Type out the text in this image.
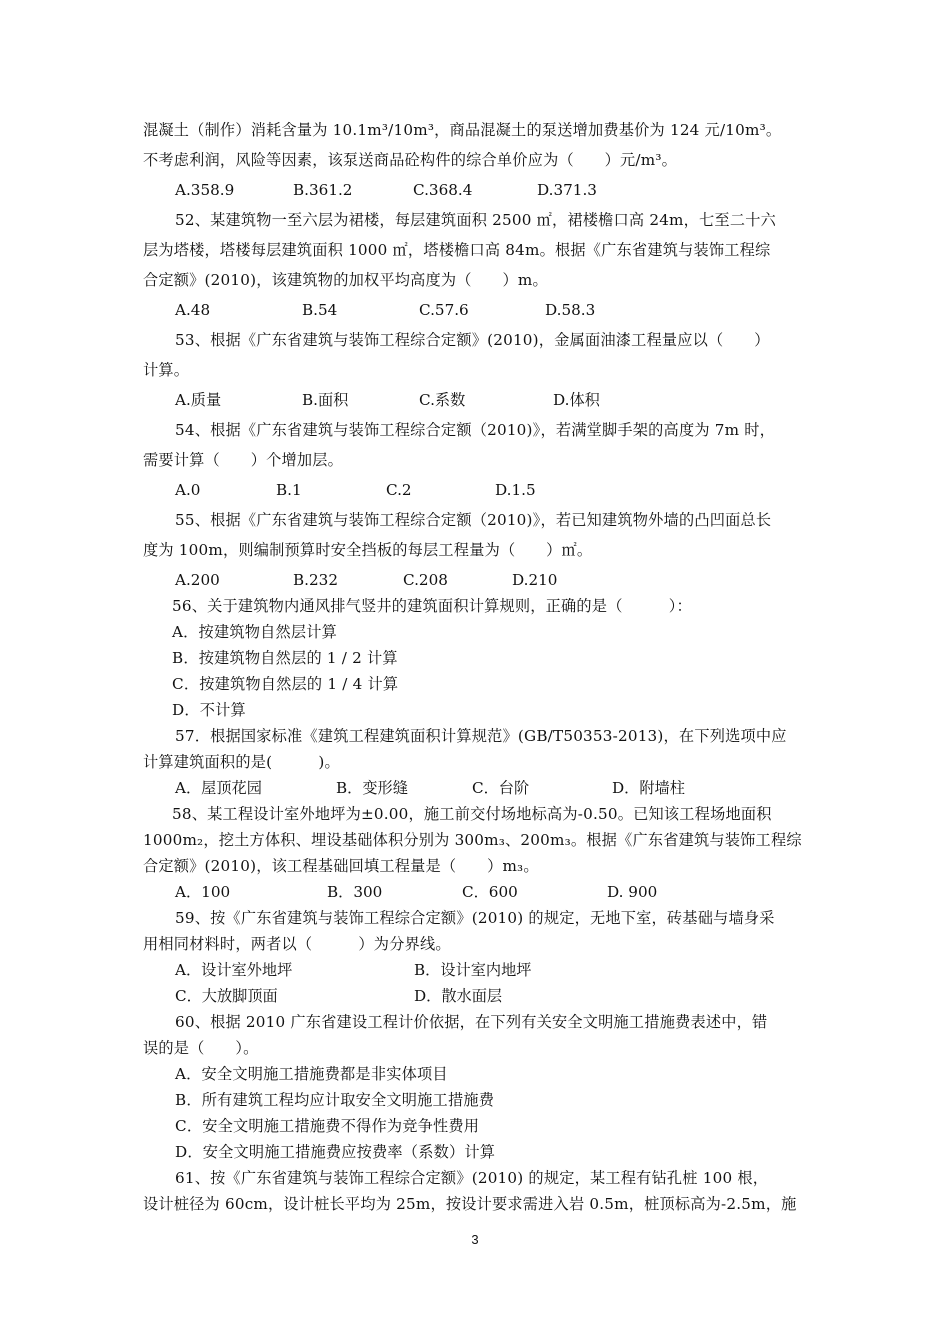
混凝土（制作）消耗含量为 10.1m³/10m³，商品混凝土的泵送增加费基价为 124 元/10m³。
不考虑利润，风险等因素，该泵送商品砼构件的综合单价应为（　　）元/m³。
A.358.9	B.361.2	C.368.4	D.371.3
52、某建筑物一至六层为裙楼，每层建筑面积 2500 ㎡，裙楼檐口高 24m，七至二十六
层为塔楼，塔楼每层建筑面积 1000 ㎡，塔楼檐口高 84m。根据《广东省建筑与装饰工程综
合定额》(2010)，该建筑物的加权平均高度为（　　）m。
A.48	B.54	C.57.6	D.58.3
53、根据《广东省建筑与装饰工程综合定额》(2010)，金属面油漆工程量应以（　　）
计算。
A.质量	B.面积	C.系数	D.体积
54、根据《广东省建筑与装饰工程综合定额（2010)》，若满堂脚手架的高度为 7m 时，
需要计算（　　）个增加层。
A.0	B.1	C.2	D.1.5
55、根据《广东省建筑与装饰工程综合定额（2010)》，若已知建筑物外墙的凸凹面总长
度为 100m，则编制预算时安全挡板的每层工程量为（　　）㎡。
A.200	B.232	C.208	D.210
56、关于建筑物内通风排气竖井的建筑面积计算规则，正确的是（　　　）：
A．按建筑物自然层计算
B．按建筑物自然层的 1 / 2 计算
C．按建筑物自然层的 1 / 4 计算
D．不计算
57．根据国家标准《建筑工程建筑面积计算规范》(GB/T50353-2013)，在下列选项中应
计算建筑面积的是(　　　)。
A．屋顶花园	B．变形缝	C．台阶	D．附墙柱
58、某工程设计室外地坪为±0.00，施工前交付场地标高为-0.50。已知该工程场地面积
1000m₂，挖土方体积、埋设基础体积分别为 300m₃、200m₃。根据《广东省建筑与装饰工程综
合定额》(2010)，该工程基础回填工程量是（　　）m₃。
A．100	B．300	C．600	D. 900
59、按《广东省建筑与装饰工程综合定额》(2010) 的规定，无地下室，砖基础与墙身采
用相同材料时，两者以（　　　）为分界线。
A．设计室外地坪	B．设计室内地坪
C．大放脚顶面	D．散水面层
60、根据 2010 广东省建设工程计价依据，在下列有关安全文明施工措施费表述中，错
误的是（　　）。
A．安全文明施工措施费都是非实体项目
B．所有建筑工程均应计取安全文明施工措施费
C．安全文明施工措施费不得作为竞争性费用
D．安全文明施工措施费应按费率（系数）计算
61、按《广东省建筑与装饰工程综合定额》(2010) 的规定，某工程有钻孔桩 100 根，
设计桩径为 60cm，设计桩长平均为 25m，按设计要求需进入岩 0.5m，桩顶标高为-2.5m，施
3
